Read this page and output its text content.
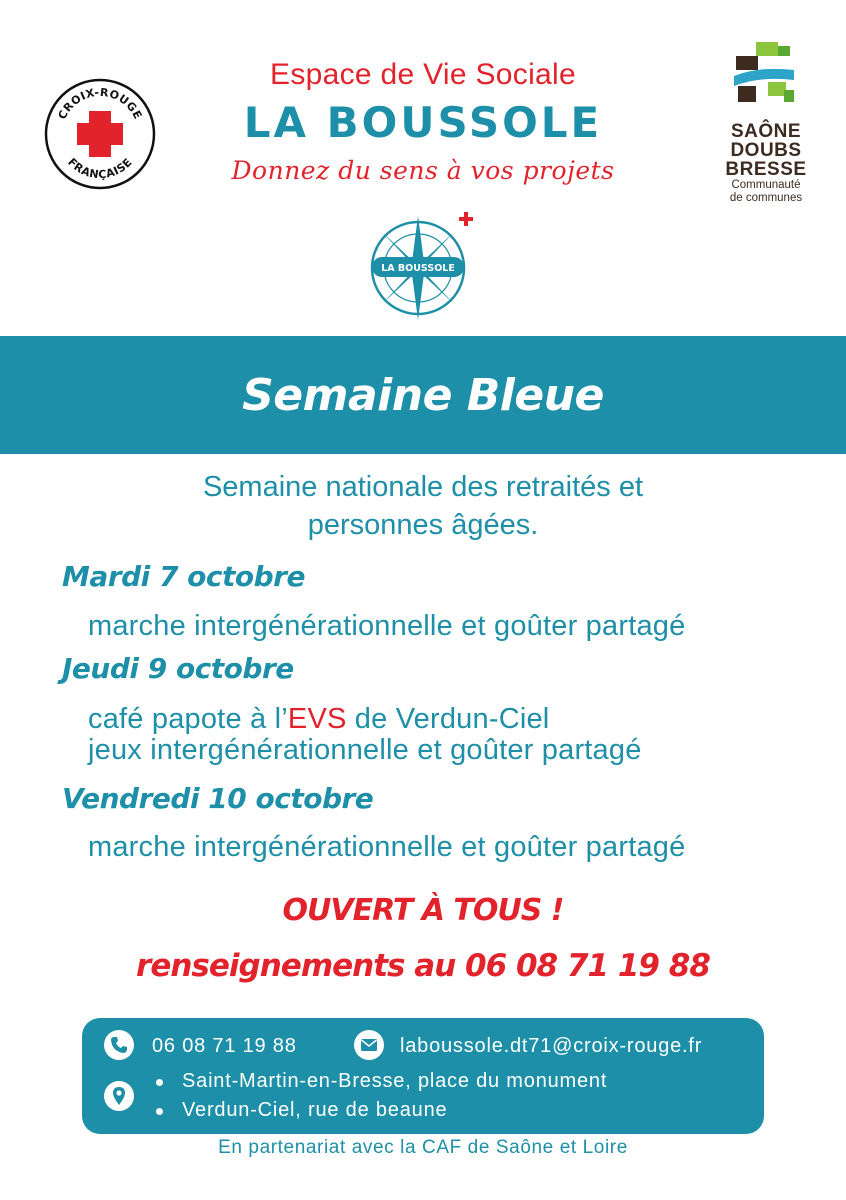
CROIX-ROUGE
FRANÇAISE
Espace de Vie Sociale
LA BOUSSOLE
Donnez du sens à vos projets
LA BOUSSOLE
SAÔNE
DOUBS
BRESSE
Communauté
de communes
Semaine Bleue
Semaine nationale des retraités et
personnes âgées.
Mardi 7 octobre
marche intergénérationnelle et goûter partagé
Jeudi 9 octobre
café papote à l’EVS de Verdun-Ciel
jeux intergénérationnelle et goûter partagé
Vendredi 10 octobre
marche intergénérationnelle et goûter partagé
OUVERT À TOUS !
renseignements au 06 08 71 19 88
06 08 71 19 88	laboussole.dt71@croix-rouge.fr
Saint-Martin-en-Bresse, place du monument
Verdun-Ciel, rue de beaune
En partenariat avec la CAF de Saône et Loire
